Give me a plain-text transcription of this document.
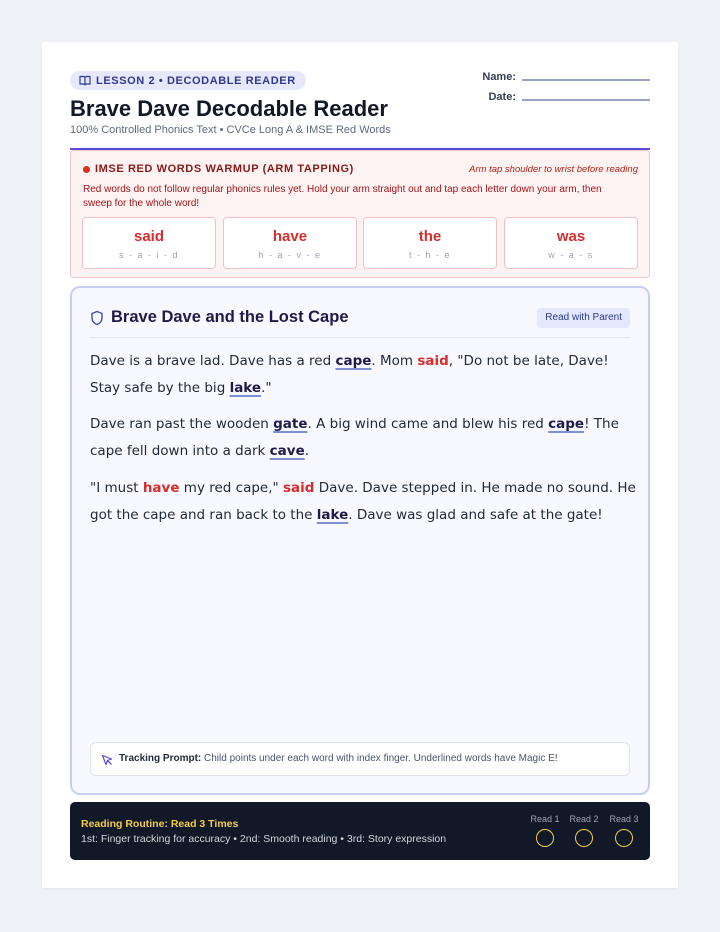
LESSON 2 • DECODABLE READER
Brave Dave Decodable Reader
100% Controlled Phonics Text • CVCe Long A & IMSE Red Words
Name:
Date:
IMSE RED WORDS WARMUP (ARM TAPPING)	Arm tap shoulder to wrist before reading
Red words do not follow regular phonics rules yet. Hold your arm straight out and tap each letter down your arm, then sweep for the whole word!
said
s - a - i - d
have
h - a - v - e
the
t - h - e
was
w - a - s
Brave Dave and the Lost Cape	Read with Parent

Dave is a brave lad. Dave has a red cape. Mom said, "Do not be late, Dave! Stay safe by the big lake."

Dave ran past the wooden gate. A big wind came and blew his red cape! The cape fell down into a dark cave.

"I must have my red cape," said Dave. Dave stepped in. He made no sound. He got the cape and ran back to the lake. Dave was glad and safe at the gate!

Tracking Prompt: Child points under each word with index finger. Underlined words have Magic E!
Reading Routine: Read 3 Times
1st: Finger tracking for accuracy • 2nd: Smooth reading • 3rd: Story expression
Read 1 Read 2 Read 3
